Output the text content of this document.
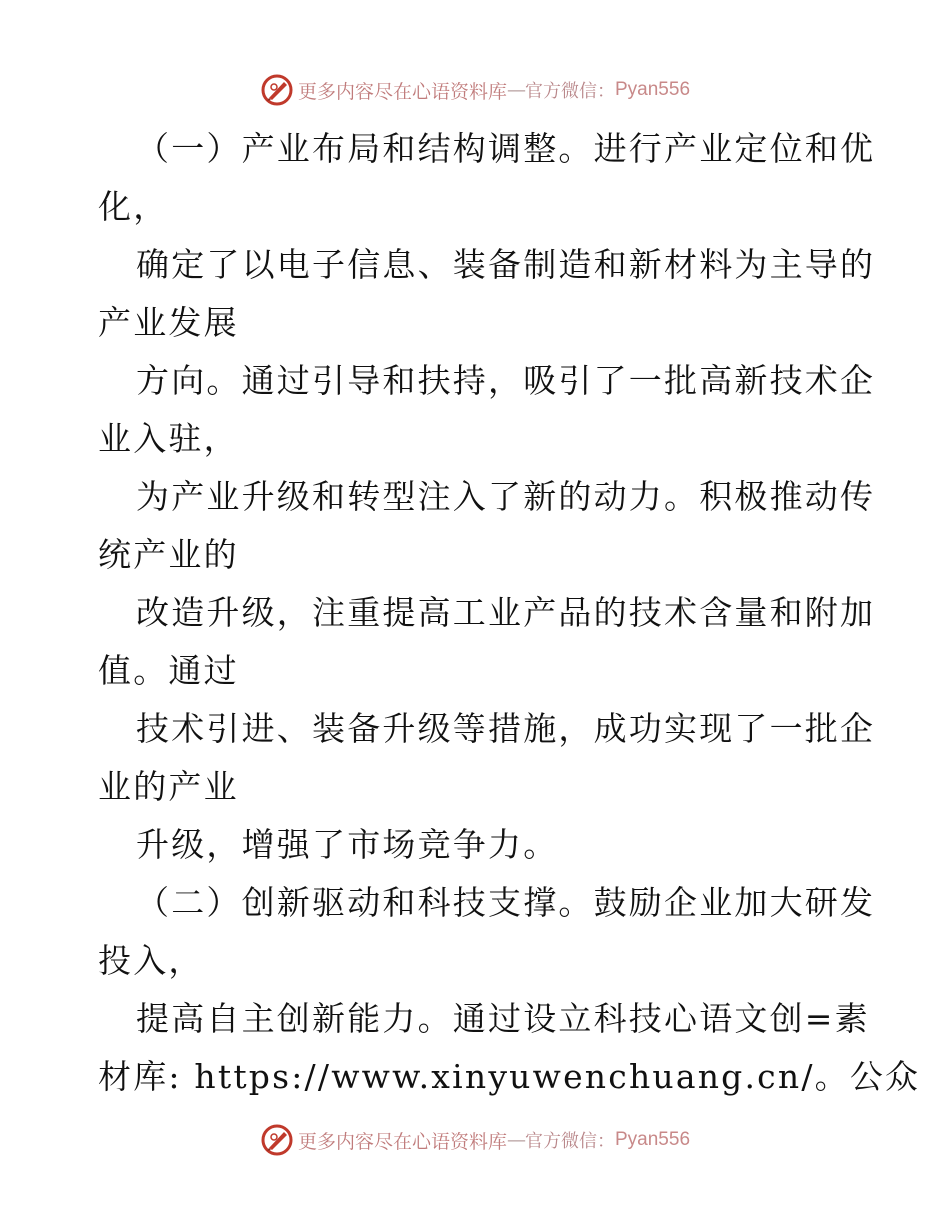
更多内容尽在心语资料库 — 官方微信： Pyan556
（一）产业布局和结构调整。进行产业定位和优
化，
确定了以电子信息、装备制造和新材料为主导的
产业发展
方向。通过引导和扶持，吸引了一批高新技术企
业入驻，
为产业升级和转型注入了新的动力。积极推动传
统产业的
改造升级，注重提高工业产品的技术含量和附加
值。通过
技术引进、装备升级等措施，成功实现了一批企
业的产业
升级，增强了市场竞争力。
（二）创新驱动和科技支撑。鼓励企业加大研发
投入，
提高自主创新能力。通过设立科技心语文创=素
材库: https://www.xinyuwenchuang.cn/。公众
更多内容尽在心语资料库 — 官方微信： Pyan556
